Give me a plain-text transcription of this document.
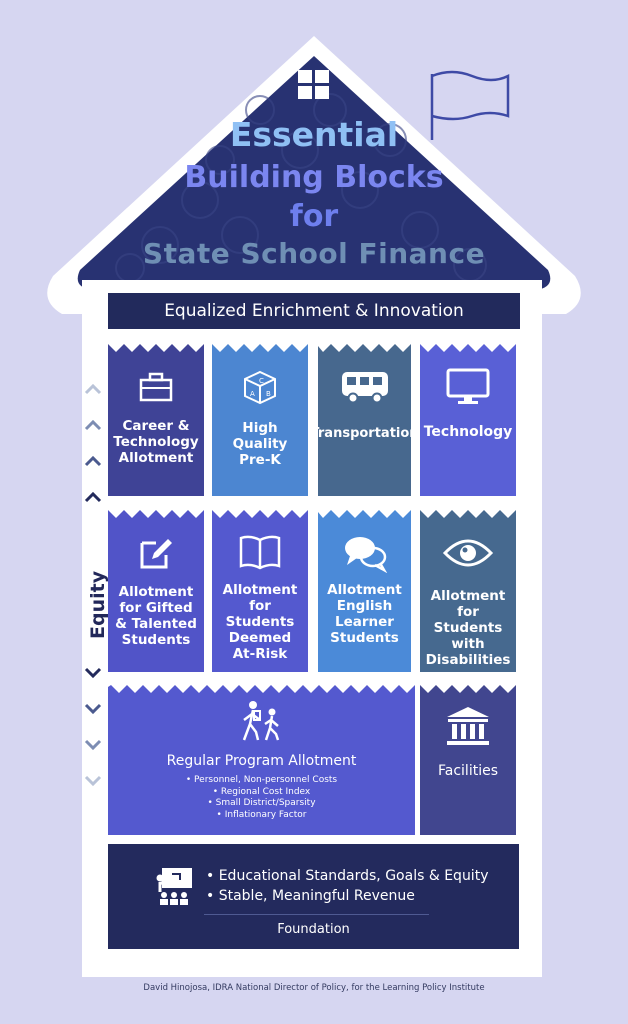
Essential
Building Blocks
for
State School Finance
Equalized Enrichment & Innovation
Career & Technology Allotment
C
A B
High Quality Pre-K
Transportation Technology
Allotment for Gifted & Talented Students
Allotment for Students Deemed At-Risk
Allotment English Learner Students
Allotment for Students with Disabilities
Regular Program Allotment
• Personnel, Non-personnel Costs
• Regional Cost Index
• Small District/Sparsity
• Inflationary Factor
Facilities
• Educational Standards, Goals & Equity
• Stable, Meaningful Revenue
Foundation
Equity
David Hinojosa, IDRA National Director of Policy, for the Learning Policy Institute
